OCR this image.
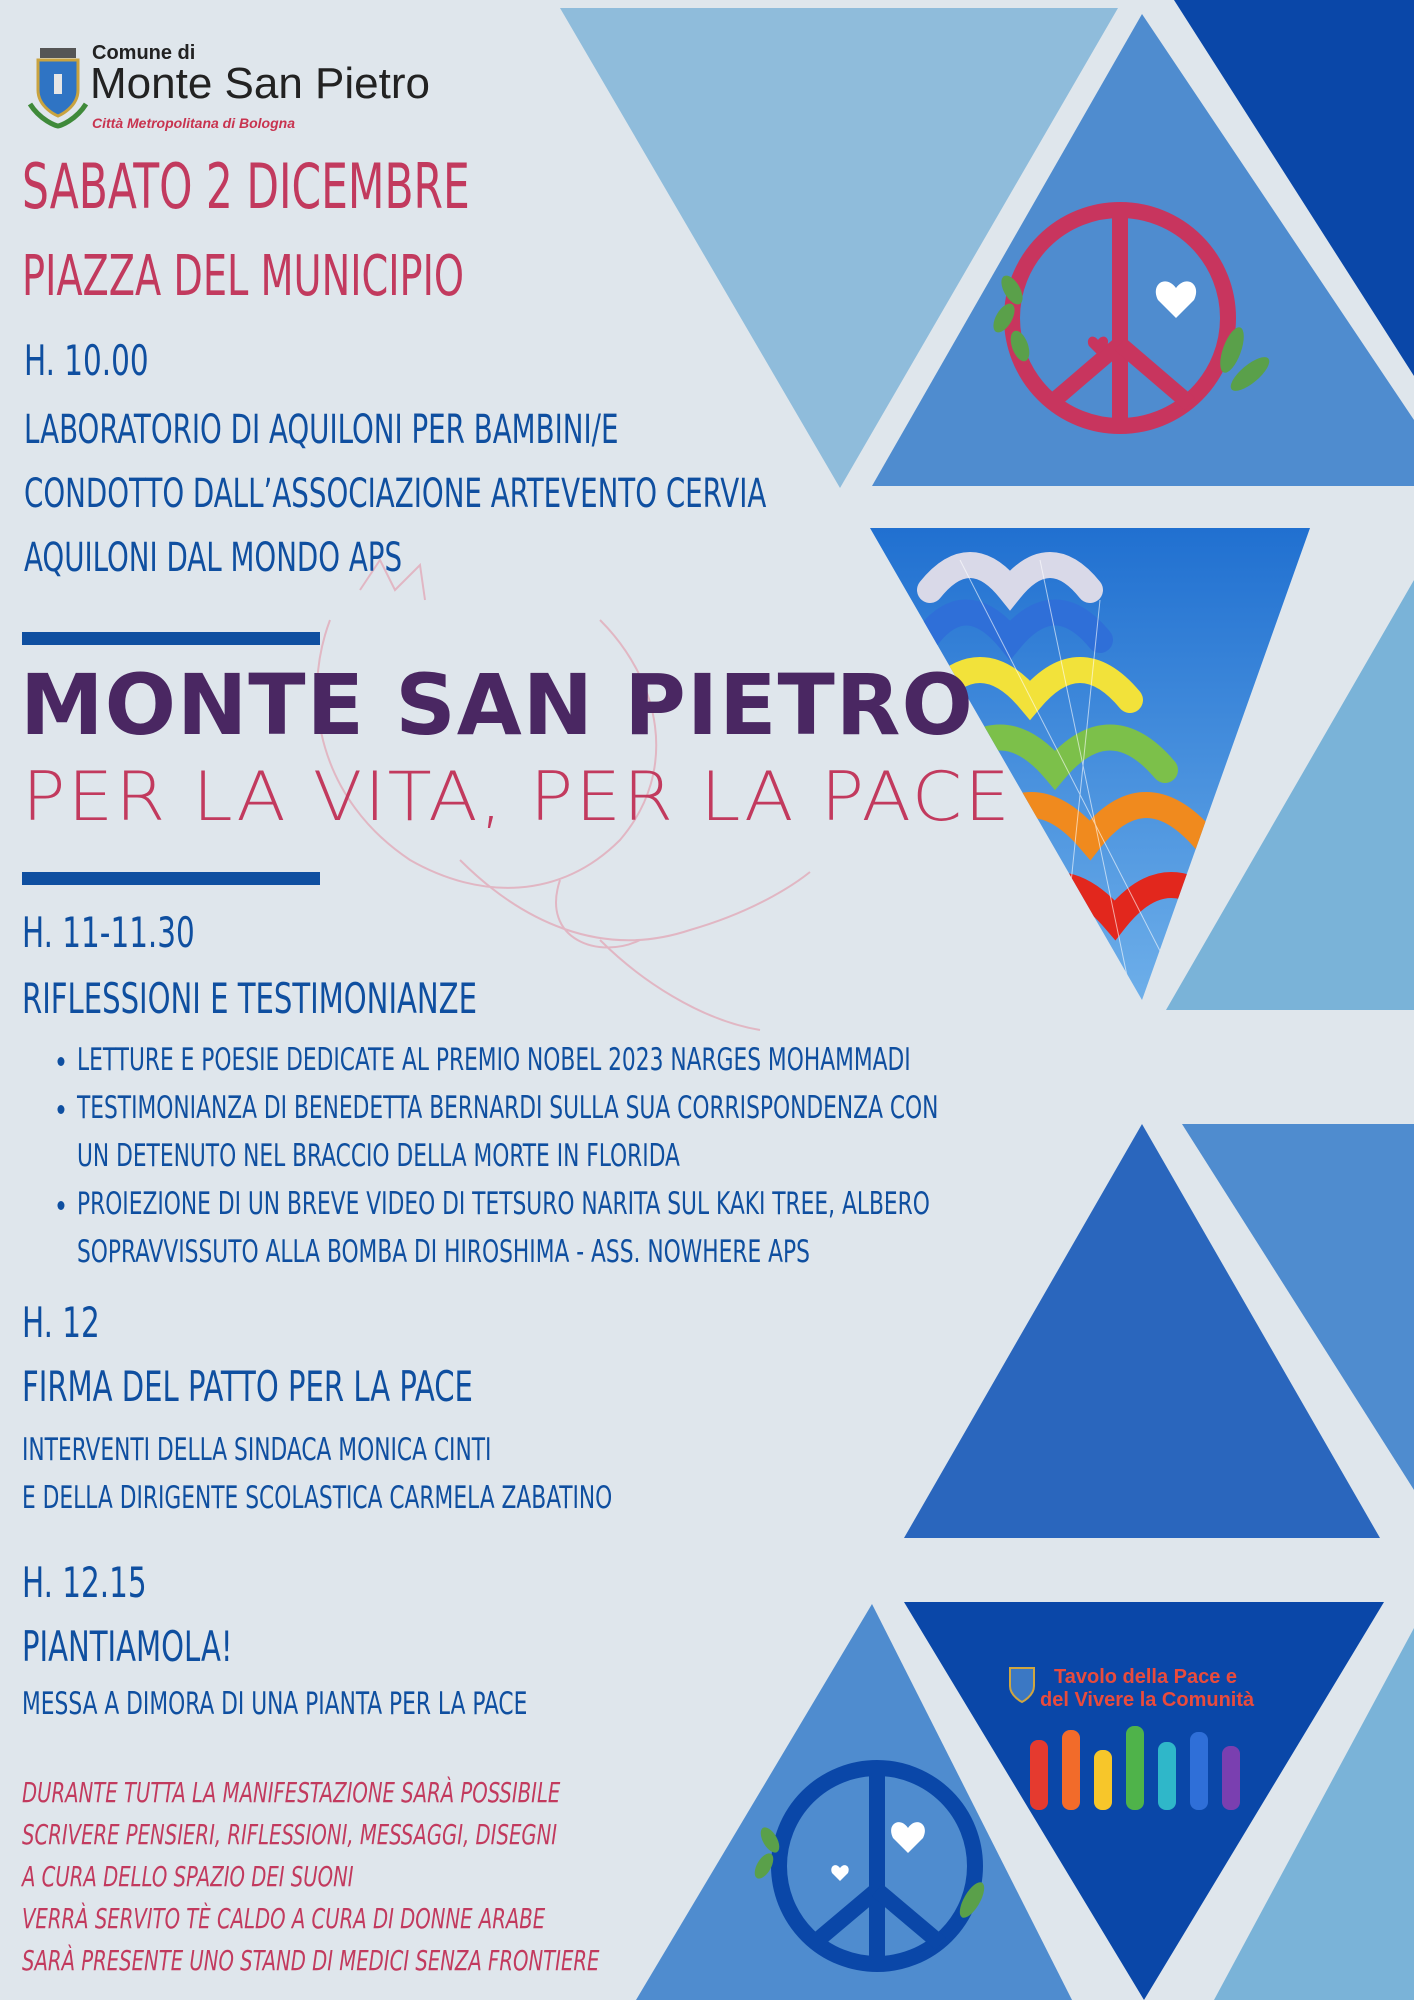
Comune di
Monte San Pietro
Città Metropolitana di Bologna
SABATO 2 DICEMBRE
PIAZZA DEL MUNICIPIO
H. 10.00
LABORATORIO DI AQUILONI PER BAMBINI/E
CONDOTTO DALL’ASSOCIAZIONE ARTEVENTO CERVIA
AQUILONI DAL MONDO APS
MONTE SAN PIETRO
PER LA VITA, PER LA PACE
H. 11-11.30
RIFLESSIONI E TESTIMONIANZE
• LETTURE E POESIE DEDICATE AL PREMIO NOBEL 2023 NARGES MOHAMMADI
• TESTIMONIANZA DI BENEDETTA BERNARDI SULLA SUA CORRISPONDENZA CON
UN DETENUTO NEL BRACCIO DELLA MORTE IN FLORIDA
• PROIEZIONE DI UN BREVE VIDEO DI TETSURO NARITA SUL KAKI TREE, ALBERO
SOPRAVVISSUTO ALLA BOMBA DI HIROSHIMA - ASS. NOWHERE APS
H. 12
FIRMA DEL PATTO PER LA PACE
INTERVENTI DELLA SINDACA MONICA CINTI
E DELLA DIRIGENTE SCOLASTICA CARMELA ZABATINO
H. 12.15
PIANTIAMOLA!
MESSA A DIMORA DI UNA PIANTA PER LA PACE
DURANTE TUTTA LA MANIFESTAZIONE SARÀ POSSIBILE
SCRIVERE PENSIERI, RIFLESSIONI, MESSAGGI, DISEGNI
A CURA DELLO SPAZIO DEI SUONI
VERRÀ SERVITO TÈ CALDO A CURA DI DONNE ARABE
SARÀ PRESENTE UNO STAND DI MEDICI SENZA FRONTIERE
Tavolo della Pace e
del Vivere la Comunità
